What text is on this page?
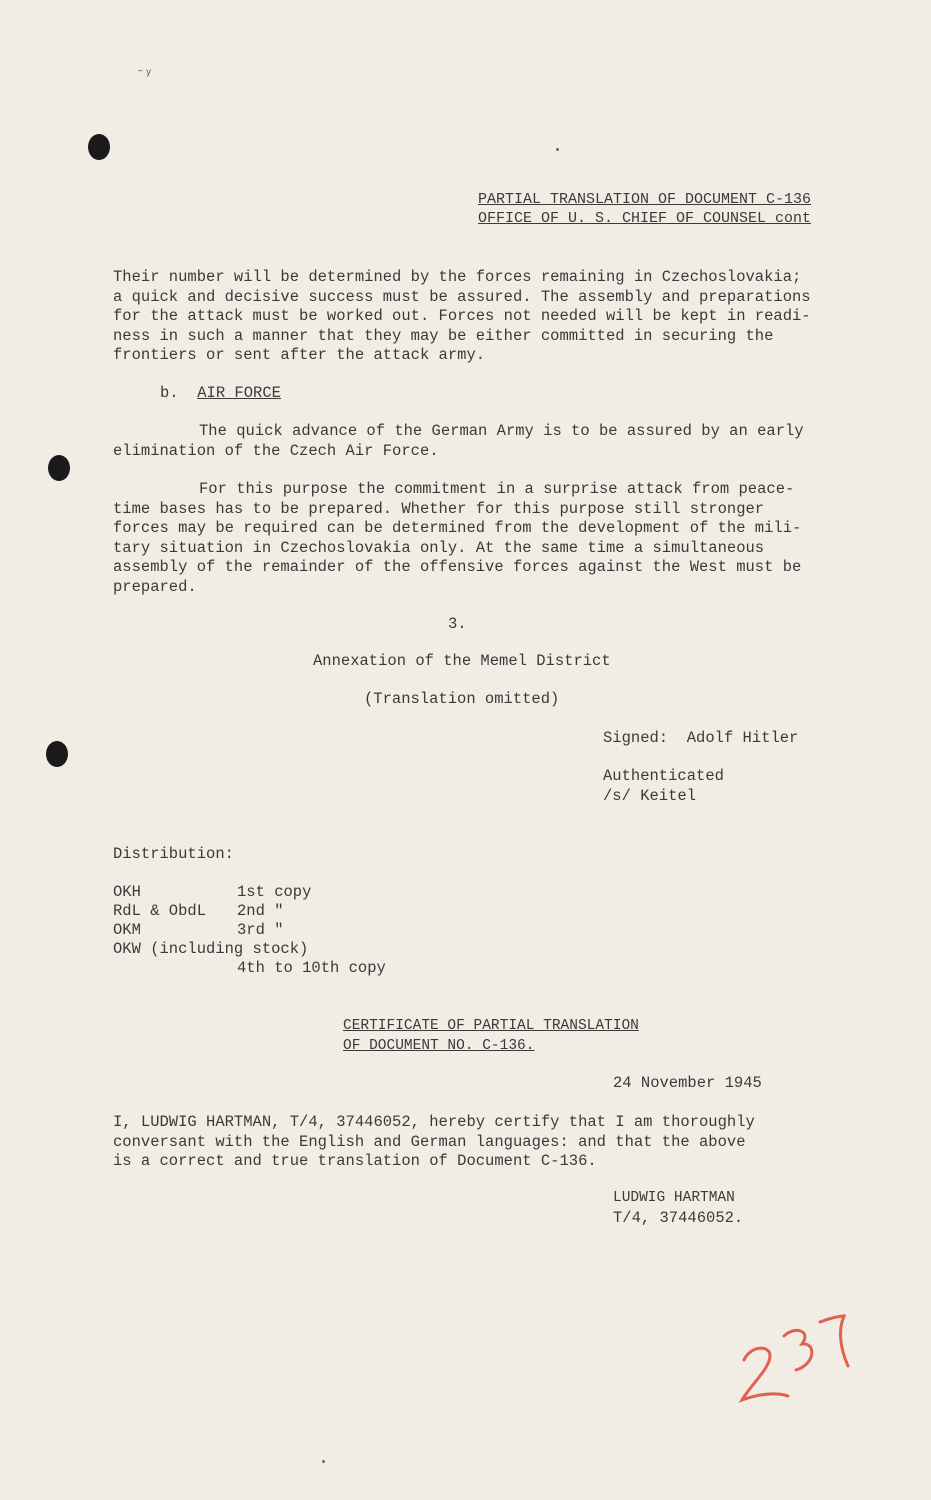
⁻ʸ
PARTIAL TRANSLATION OF DOCUMENT C-136
OFFICE OF U. S. CHIEF OF COUNSEL cont

Their number will be determined by the forces remaining in Czechoslovakia;
a quick and decisive success must be assured. The assembly and preparations
for the attack must be worked out. Forces not needed will be kept in readi-
ness in such a manner that they may be either committed in securing the
frontiers or sent after the attack army.

b. AIR FORCE

The quick advance of the German Army is to be assured by an early
elimination of the Czech Air Force.

For this purpose the commitment in a surprise attack from peace-
time bases has to be prepared. Whether for this purpose still stronger
forces may be required can be determined from the development of the mili-
tary situation in Czechoslovakia only. At the same time a simultaneous
assembly of the remainder of the offensive forces against the West must be
prepared.

3.
Annexation of the Memel District
(Translation omitted)
Signed: Adolf Hitler
Authenticated
/s/ Keitel
Distribution:
OKH	1st copy
RdL & ObdL	2nd "
OKM	3rd "
OKW (including stock)	
	4th to 10th copy
CERTIFICATE OF PARTIAL TRANSLATION
OF DOCUMENT NO. C-136.
24 November 1945

I, LUDWIG HARTMAN, T/4, 37446052, hereby certify that I am thoroughly
conversant with the English and German languages: and that the above
is a correct and true translation of Document C-136.

LUDWIG HARTMAN
T/4, 37446052.
